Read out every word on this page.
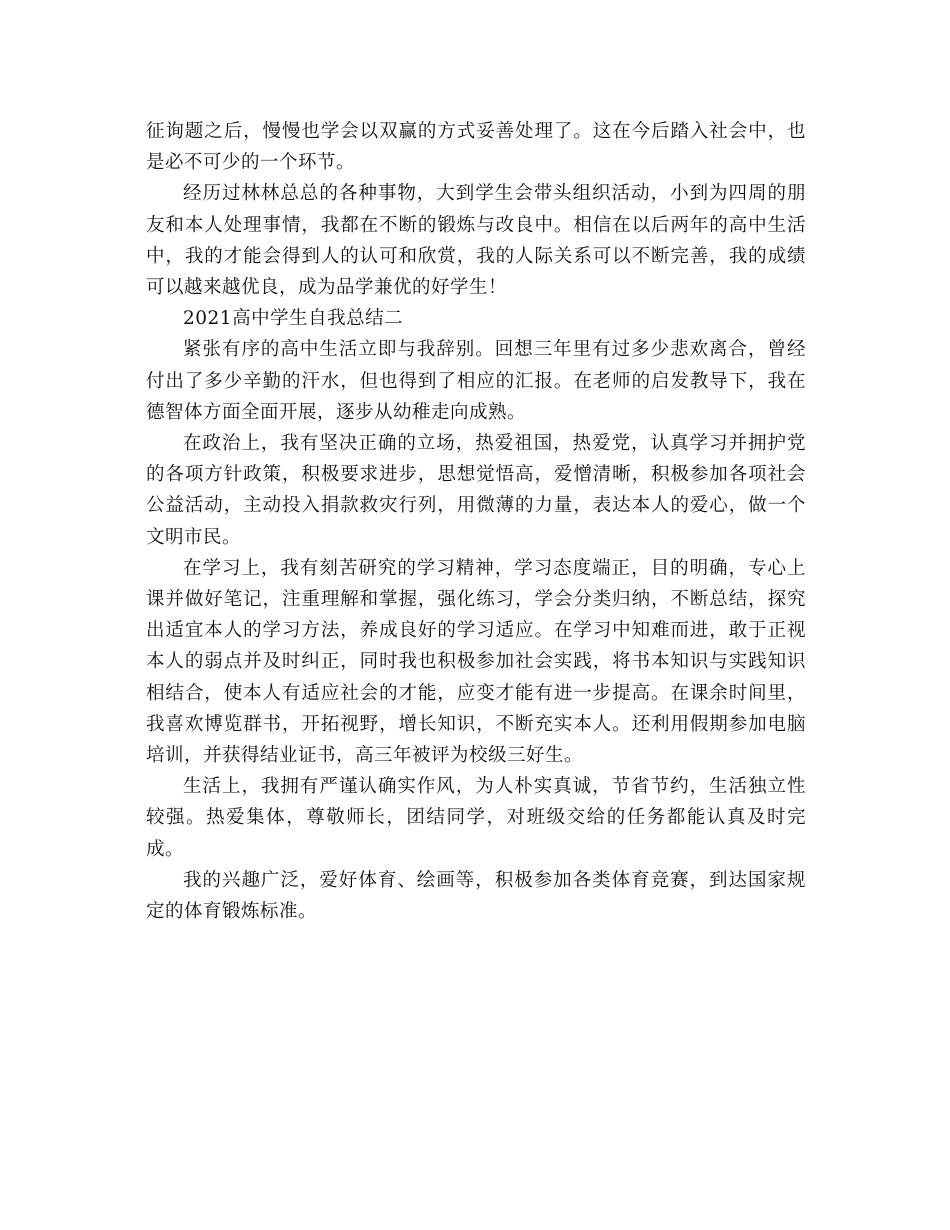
征询题之后，慢慢也学会以双赢的方式妥善处理了。这在今后踏入社会中，也是必不可少的一个环节。

经历过林林总总的各种事物，大到学生会带头组织活动，小到为四周的朋友和本人处理事情，我都在不断的锻炼与改良中。相信在以后两年的高中生活中，我的才能会得到人的认可和欣赏，我的人际关系可以不断完善，我的成绩可以越来越优良，成为品学兼优的好学生！

2021高中学生自我总结二

紧张有序的高中生活立即与我辞别。回想三年里有过多少悲欢离合，曾经付出了多少辛勤的汗水，但也得到了相应的汇报。在老师的启发教导下，我在德智体方面全面开展，逐步从幼稚走向成熟。

在政治上，我有坚决正确的立场，热爱祖国，热爱党，认真学习并拥护党的各项方针政策，积极要求进步，思想觉悟高，爱憎清晰，积极参加各项社会公益活动，主动投入捐款救灾行列，用微薄的力量，表达本人的爱心，做一个文明市民。

在学习上，我有刻苦研究的学习精神，学习态度端正，目的明确，专心上课并做好笔记，注重理解和掌握，强化练习，学会分类归纳，不断总结，探究出适宜本人的学习方法，养成良好的学习适应。在学习中知难而进，敢于正视本人的弱点并及时纠正，同时我也积极参加社会实践，将书本知识与实践知识相结合，使本人有适应社会的才能，应变才能有进一步提高。在课余时间里，我喜欢博览群书，开拓视野，增长知识，不断充实本人。还利用假期参加电脑培训，并获得结业证书，高三年被评为校级三好生。

生活上，我拥有严谨认确实作风，为人朴实真诚，节省节约，生活独立性较强。热爱集体，尊敬师长，团结同学，对班级交给的任务都能认真及时完成。

我的兴趣广泛，爱好体育、绘画等，积极参加各类体育竞赛，到达国家规定的体育锻炼标准。
